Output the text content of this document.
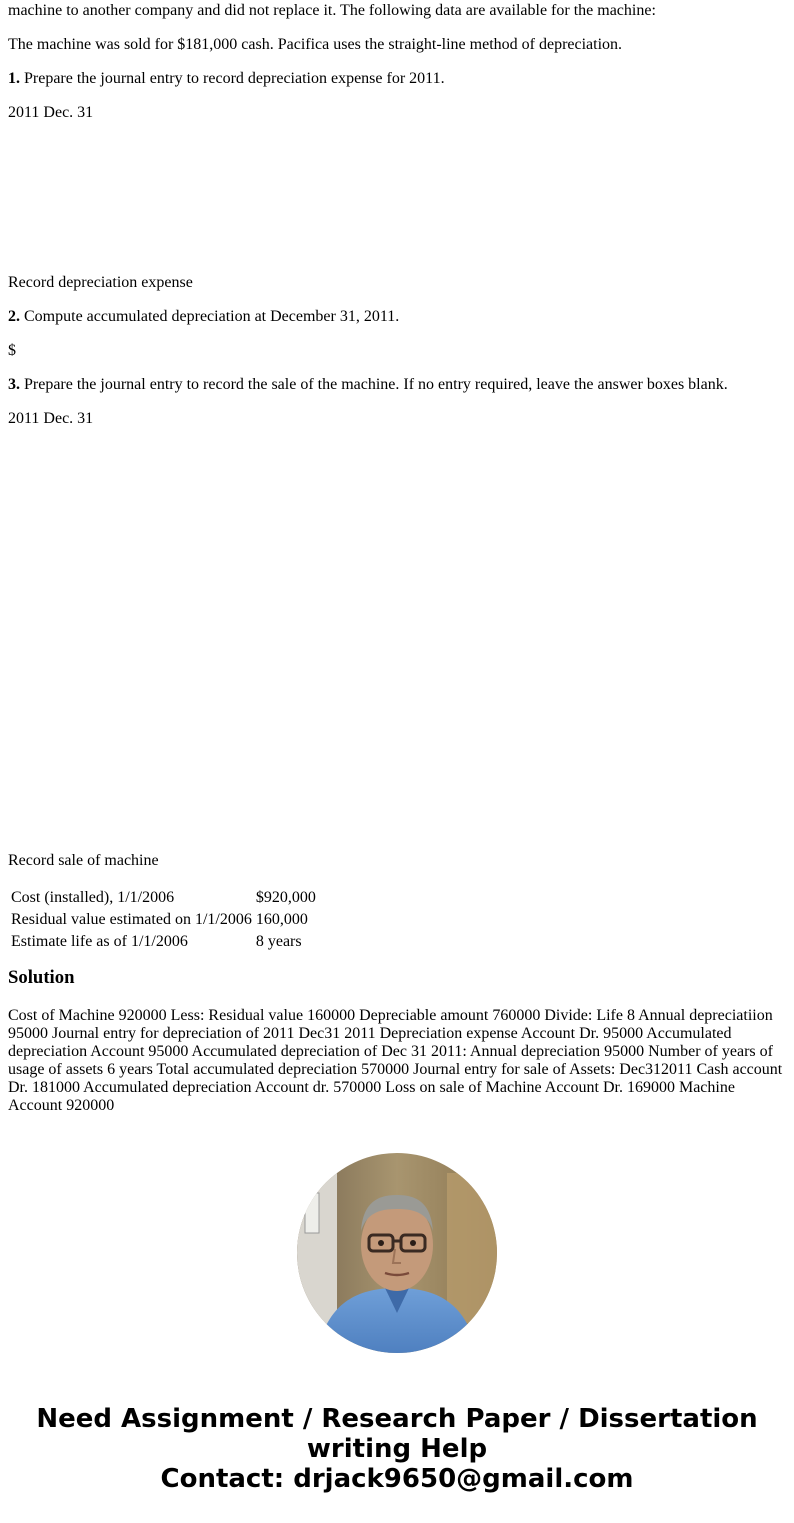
machine to another company and did not replace it. The following data are available for the machine:

The machine was sold for $181,000 cash. Pacifica uses the straight-line method of depreciation.

1. Prepare the journal entry to record depreciation expense for 2011.

2011 Dec. 31

Record depreciation expense

2. Compute accumulated depreciation at December 31, 2011.

$

3. Prepare the journal entry to record the sale of the machine. If no entry required, leave the answer boxes blank.

2011 Dec. 31

Record sale of machine

Cost (installed), 1/1/2006	$920,000
Residual value estimated on 1/1/2006	160,000
Estimate life as of 1/1/2006	8 years
Solution

Cost of Machine 920000 Less: Residual value 160000 Depreciable amount 760000 Divide: Life 8 Annual depreciatiion 95000 Journal entry for depreciation of 2011 Dec31 2011 Depreciation expense Account Dr. 95000 Accumulated depreciation Account 95000 Accumulated depreciation of Dec 31 2011: Annual depreciation 95000 Number of years of usage of assets 6 years Total accumulated depreciation 570000 Journal entry for sale of Assets: Dec312011 Cash account Dr. 181000 Accumulated depreciation Account dr. 570000 Loss on sale of Machine Account Dr. 169000 Machine Account 920000

Need Assignment / Research Paper / Dissertation
writing Help
Contact: drjack9650@gmail.com
